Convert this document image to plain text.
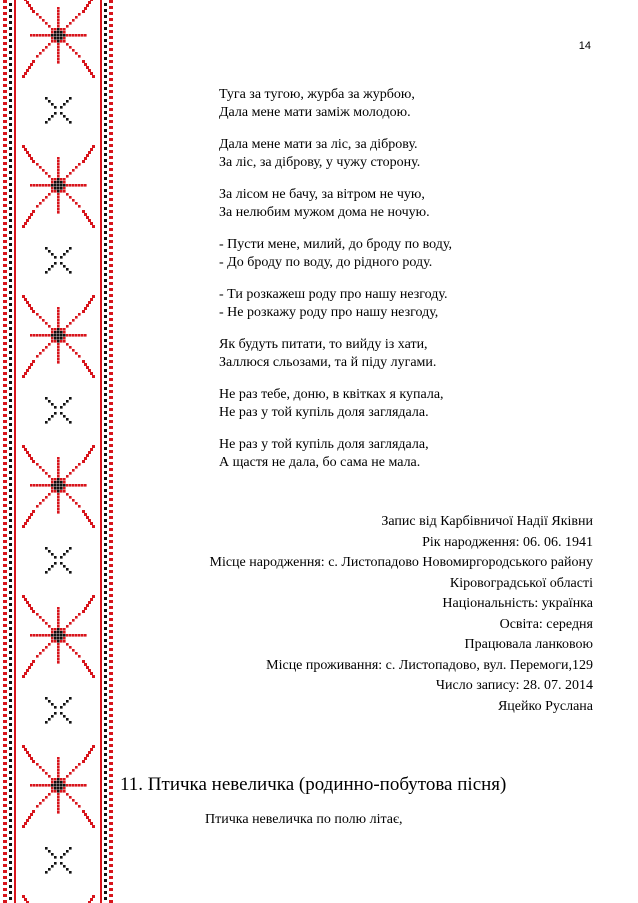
14
Туга за тугою, журба за журбою,
Дала мене мати заміж молодою.
Дала мене мати за ліс, за діброву.
За ліс, за діброву, у чужу сторону.
За лісом не бачу, за вітром не чую,
За нелюбим мужом дома не ночую.
- Пусти мене, милий, до броду по воду,
- До броду по воду, до рідного роду.
- Ти розкажеш роду про нашу незгоду.
- Не розкажу роду про нашу незгоду,
Як будуть питати, то вийду із хати,
Заллюся сльозами, та й піду лугами.
Не раз тебе, доню, в квітках я купала,
Не раз у той купіль доля заглядала.
Не раз у той купіль доля заглядала,
А щастя не дала, бо сама не мала.
Запис від Карбівничої Надії Яківни
Рік народження: 06. 06. 1941
Місце народження: с. Листопадово Новомиргородського району
Кіровоградської області
Національність: українка
Освіта: середня
Працювала ланковою
Місце проживання: с. Листопадово, вул. Перемоги,129
Число запису: 28. 07. 2014
Яцейко Руслана
11. Птичка невеличка (родинно-побутова пісня)
Птичка невеличка по полю літає,
